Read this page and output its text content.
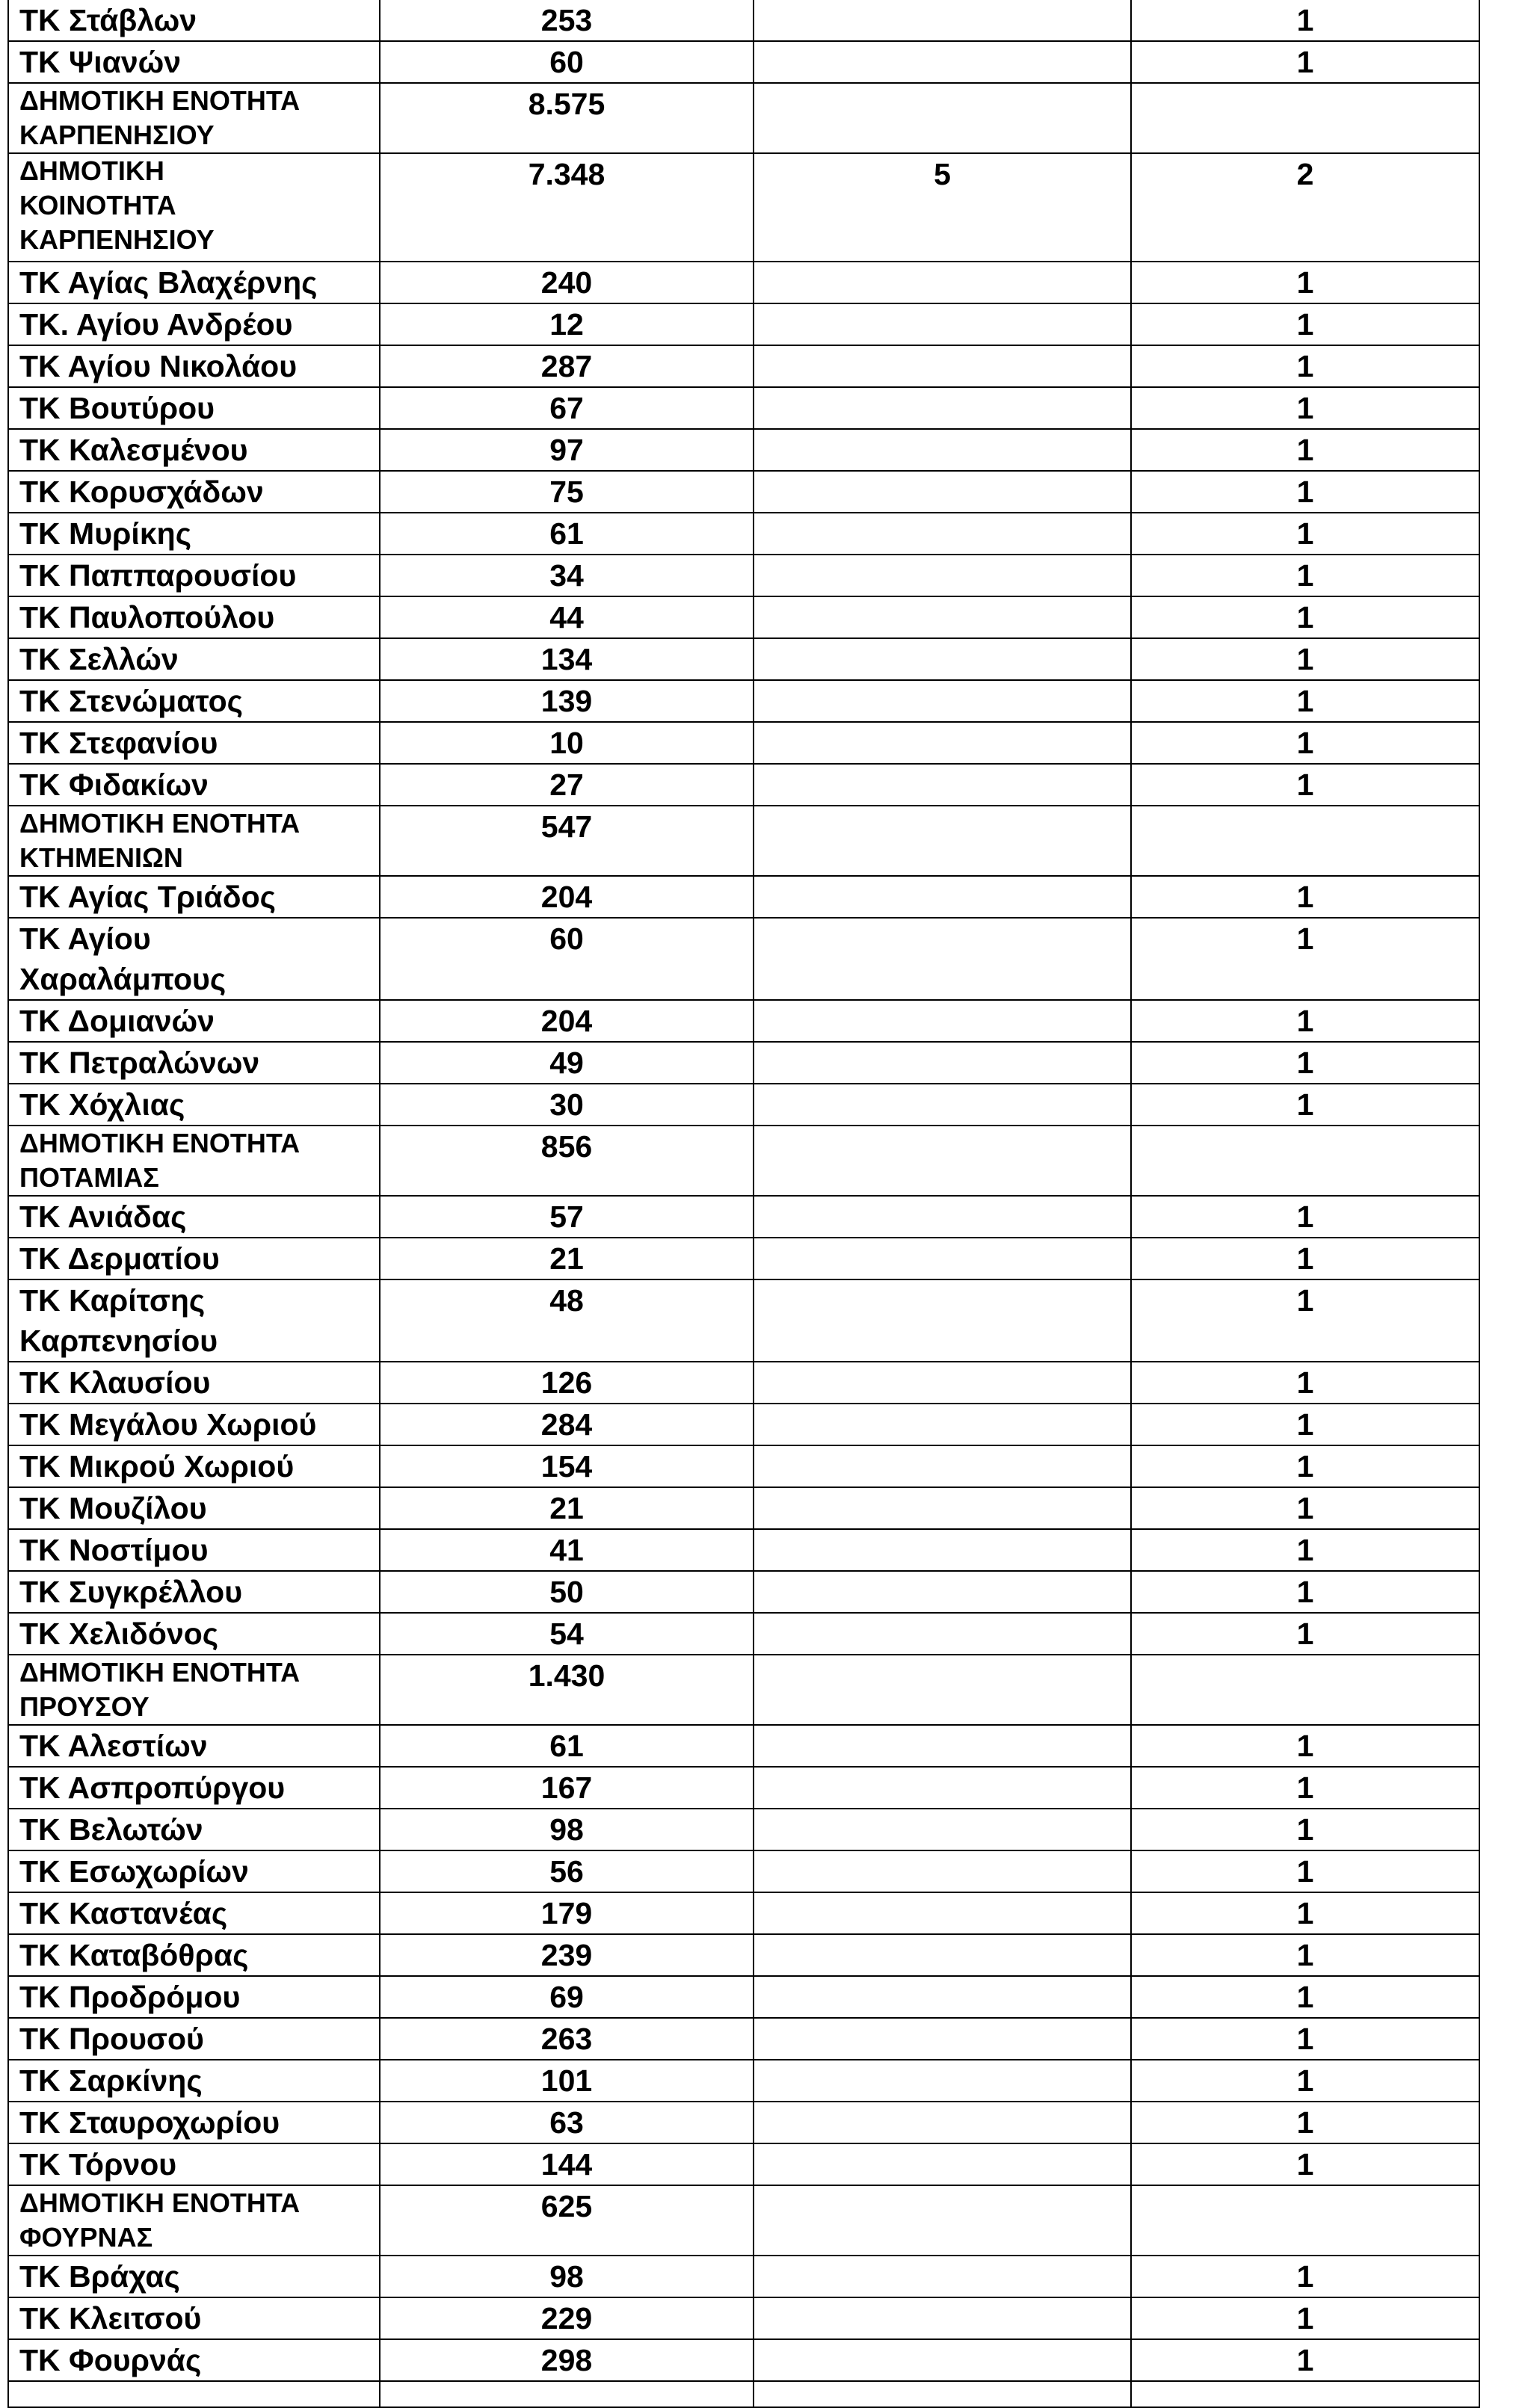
ΤΚ Στάβλων	253		1

ΤΚ Ψιανών	60		1

ΔΗΜΟΤΙΚΗ ΕΝΟΤΗΤΑ ΚΑΡΠΕΝΗΣΙΟΥ	8.575		

ΔΗΜΟΤΙΚΗ ΚΟΙΝΟΤΗΤΑ ΚΑΡΠΕΝΗΣΙΟΥ	7.348	5	2

ΤΚ Αγίας Βλαχέρνης	240		1

ΤΚ. Αγίου Ανδρέου	12		1

ΤΚ Αγίου Νικολάου	287		1

ΤΚ Βουτύρου	67		1

ΤΚ Καλεσμένου	97		1

ΤΚ Κορυσχάδων	75		1

ΤΚ Μυρίκης	61		1

ΤΚ Παππαρουσίου	34		1

ΤΚ Παυλοπούλου	44		1

ΤΚ Σελλών	134		1

ΤΚ Στενώματος	139		1

ΤΚ Στεφανίου	10		1

ΤΚ Φιδακίων	27		1

ΔΗΜΟΤΙΚΗ ΕΝΟΤΗΤΑ ΚΤΗΜΕΝΙΩΝ	547		

ΤΚ Αγίας Τριάδος	204		1

ΤΚ Αγίου Χαραλάμπους	60		1

ΤΚ Δομιανών	204		1

ΤΚ Πετραλώνων	49		1

ΤΚ Χόχλιας	30		1

ΔΗΜΟΤΙΚΗ ΕΝΟΤΗΤΑ ΠΟΤΑΜΙΑΣ	856		

ΤΚ Ανιάδας	57		1

ΤΚ Δερματίου	21		1

ΤΚ Καρίτσης Καρπενησίου	48		1

ΤΚ Κλαυσίου	126		1

ΤΚ Μεγάλου Χωριού	284		1

ΤΚ Μικρού Χωριού	154		1

ΤΚ Μουζίλου	21		1

ΤΚ Νοστίμου	41		1

ΤΚ Συγκρέλλου	50		1

ΤΚ Χελιδόνος	54		1

ΔΗΜΟΤΙΚΗ ΕΝΟΤΗΤΑ ΠΡΟΥΣΟΥ	1.430		

ΤΚ Αλεστίων	61		1

ΤΚ Ασπροπύργου	167		1

ΤΚ Βελωτών	98		1

ΤΚ Εσωχωρίων	56		1

ΤΚ Καστανέας	179		1

ΤΚ Καταβόθρας	239		1

ΤΚ Προδρόμου	69		1

ΤΚ Προυσού	263		1

ΤΚ Σαρκίνης	101		1

ΤΚ Σταυροχωρίου	63		1

ΤΚ Τόρνου	144		1

ΔΗΜΟΤΙΚΗ ΕΝΟΤΗΤΑ ΦΟΥΡΝΑΣ	625		

ΤΚ Βράχας	98		1

ΤΚ Κλειτσού	229		1

ΤΚ Φουρνάς	298		1
